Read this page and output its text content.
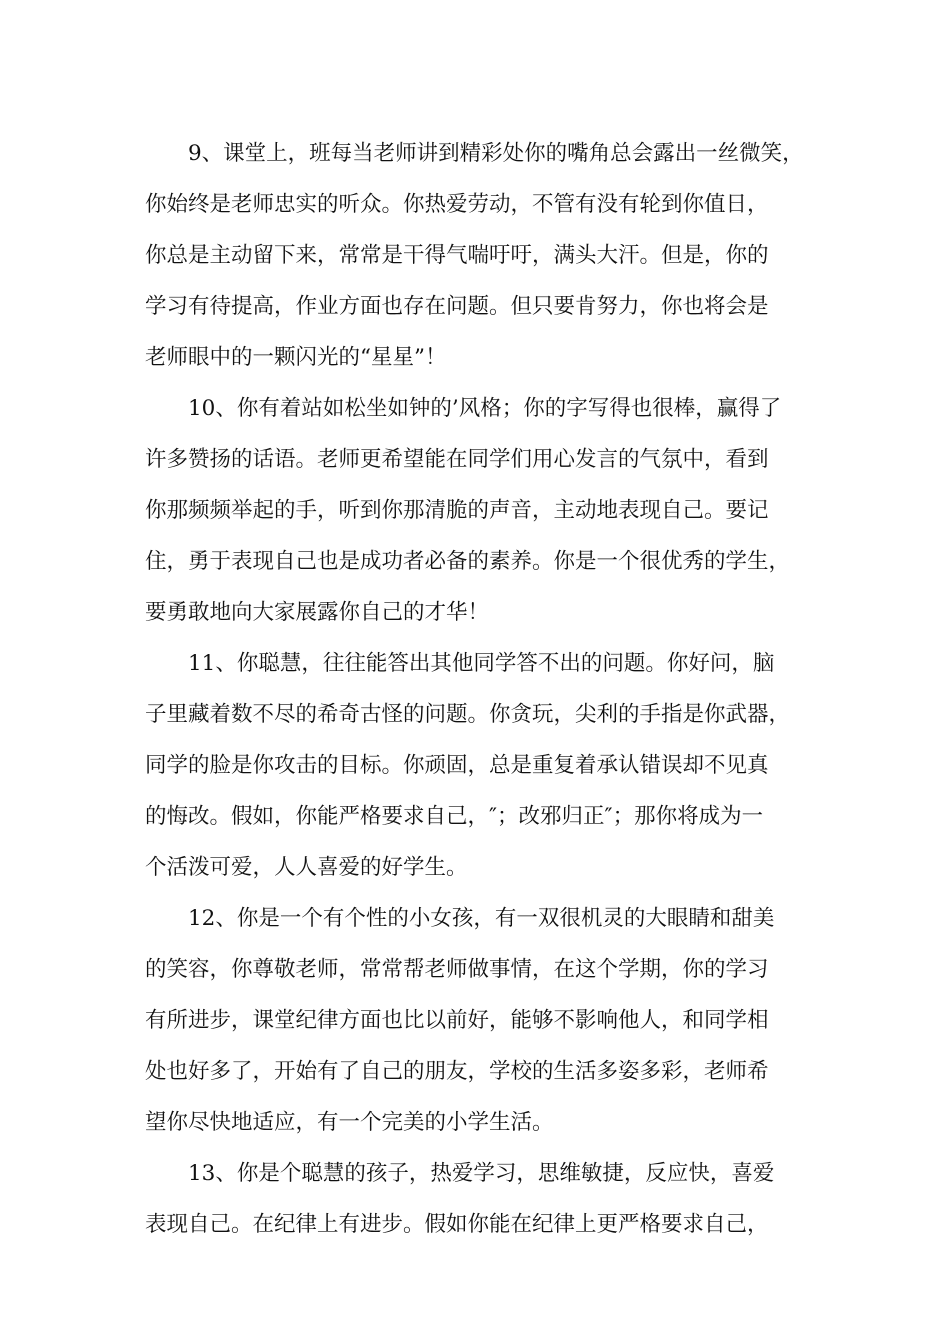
9、课堂上，班每当老师讲到精彩处你的嘴角总会露出一丝微笑，
你始终是老师忠实的听众。你热爱劳动，不管有没有轮到你值日，
你总是主动留下来，常常是干得气喘吁吁，满头大汗。但是，你的
学习有待提高，作业方面也存在问题。但只要肯努力，你也将会是
老师眼中的一颗闪光的“星星”！
10、你有着站如松坐如钟的’风格；你的字写得也很棒，赢得了
许多赞扬的话语。老师更希望能在同学们用心发言的气氛中，看到
你那频频举起的手，听到你那清脆的声音，主动地表现自己。要记
住，勇于表现自己也是成功者必备的素养。你是一个很优秀的学生，
要勇敢地向大家展露你自己的才华！
11、你聪慧，往往能答出其他同学答不出的问题。你好问，脑
子里藏着数不尽的希奇古怪的问题。你贪玩，尖利的手指是你武器，
同学的脸是你攻击的目标。你顽固，总是重复着承认错误却不见真
的悔改。假如，你能严格要求自己，″；改邪归正″；那你将成为一
个活泼可爱，人人喜爱的好学生。
12、你是一个有个性的小女孩，有一双很机灵的大眼睛和甜美
的笑容，你尊敬老师，常常帮老师做事情，在这个学期，你的学习
有所进步，课堂纪律方面也比以前好，能够不影响他人，和同学相
处也好多了，开始有了自己的朋友，学校的生活多姿多彩，老师希
望你尽快地适应，有一个完美的小学生活。
13、你是个聪慧的孩子，热爱学习，思维敏捷，反应快，喜爱
表现自己。在纪律上有进步。假如你能在纪律上更严格要求自己，
